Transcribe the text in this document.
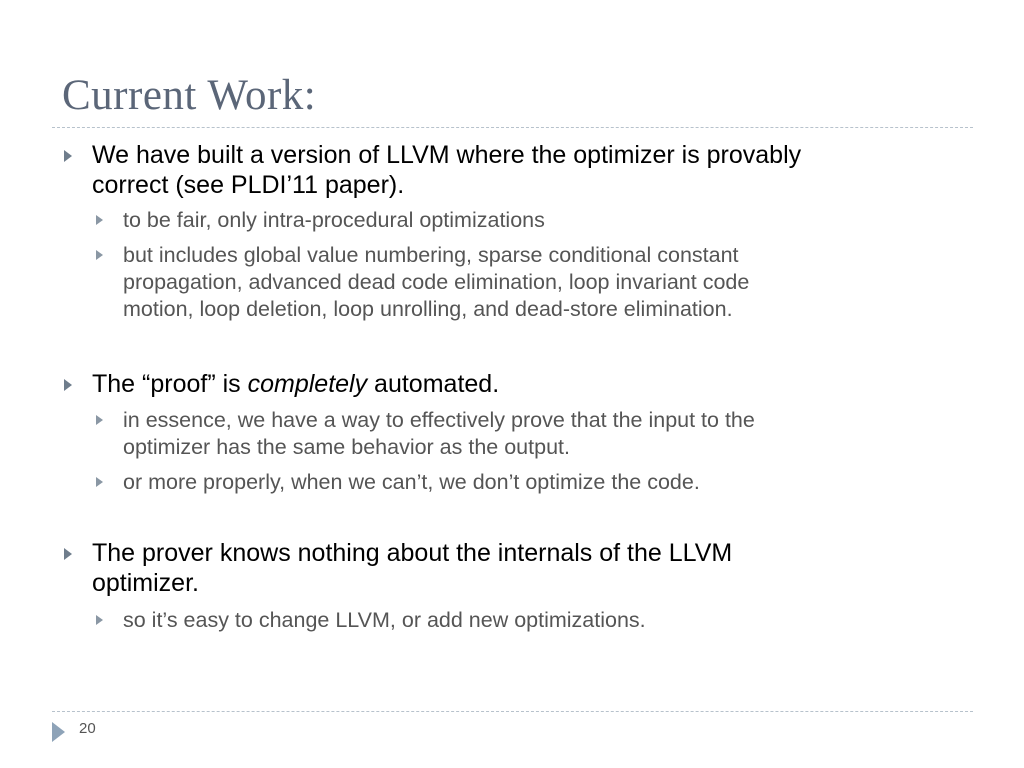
Current Work:
We have built a version of LLVM where the optimizer is provably
correct (see PLDI’11 paper).
to be fair, only intra-procedural optimizations
but includes global value numbering, sparse conditional constant
propagation, advanced dead code elimination, loop invariant code
motion, loop deletion, loop unrolling, and dead-store elimination.
The “proof” is completely automated.
in essence, we have a way to effectively prove that the input to the
optimizer has the same behavior as the output.
or more properly, when we can’t, we don’t optimize the code.
The prover knows nothing about the internals of the LLVM
optimizer.
so it’s easy to change LLVM, or add new optimizations.
20
